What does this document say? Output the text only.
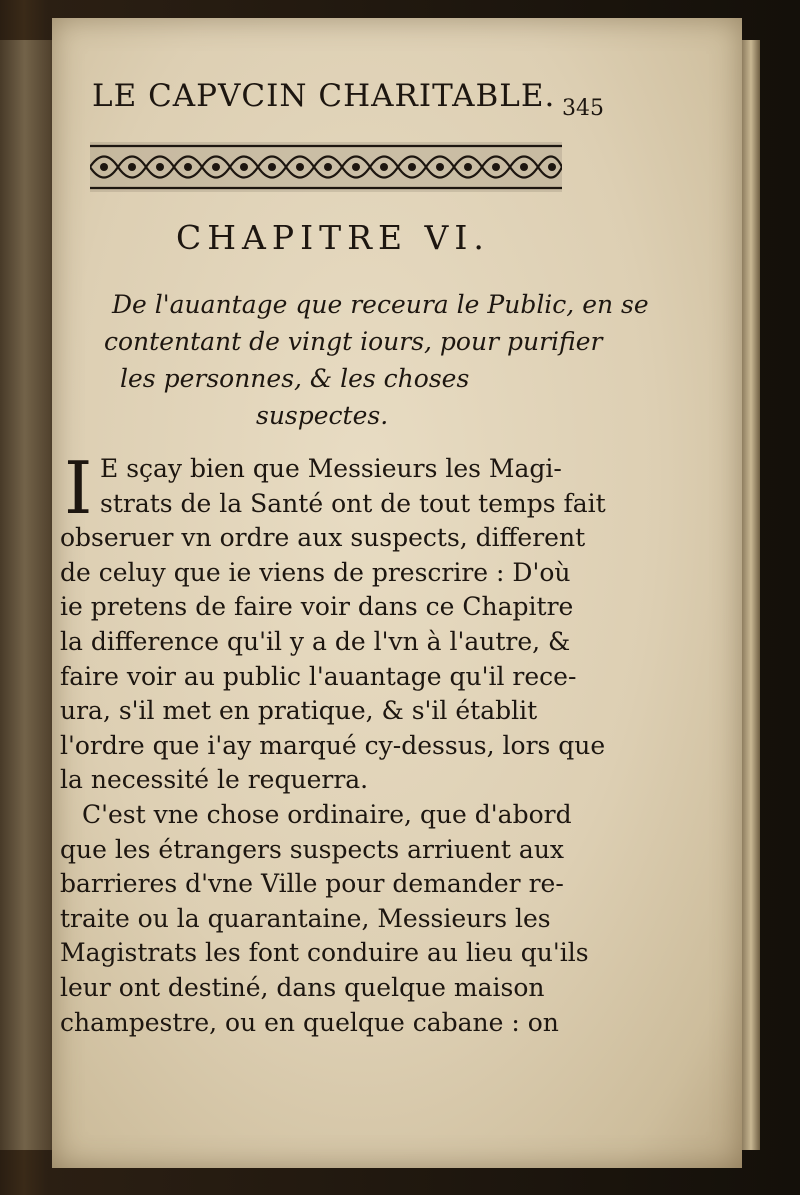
LE CAPVCIN CHARITABLE. 345
CHAPITRE VI.
De l'auantage que receura le Public, en se
contentant de vingt iours, pour purifier
les personnes, & les choses
suspectes.
I E sçay bien que Messieurs les Magi-
strats de la Santé ont de tout temps fait
obseruer vn ordre aux suspects, different
de celuy que ie viens de prescrire : D'où
ie pretens de faire voir dans ce Chapitre
la difference qu'il y a de l'vn à l'autre, &
faire voir au public l'auantage qu'il rece-
ura, s'il met en pratique, & s'il établit
l'ordre que i'ay marqué cy-dessus, lors que
la necessité le requerra.
C'est vne chose ordinaire, que d'abord
que les étrangers suspects arriuent aux
barrieres d'vne Ville pour demander re-
traite ou la quarantaine, Messieurs les
Magistrats les font conduire au lieu qu'ils
leur ont destiné, dans quelque maison
champestre, ou en quelque cabane : on
